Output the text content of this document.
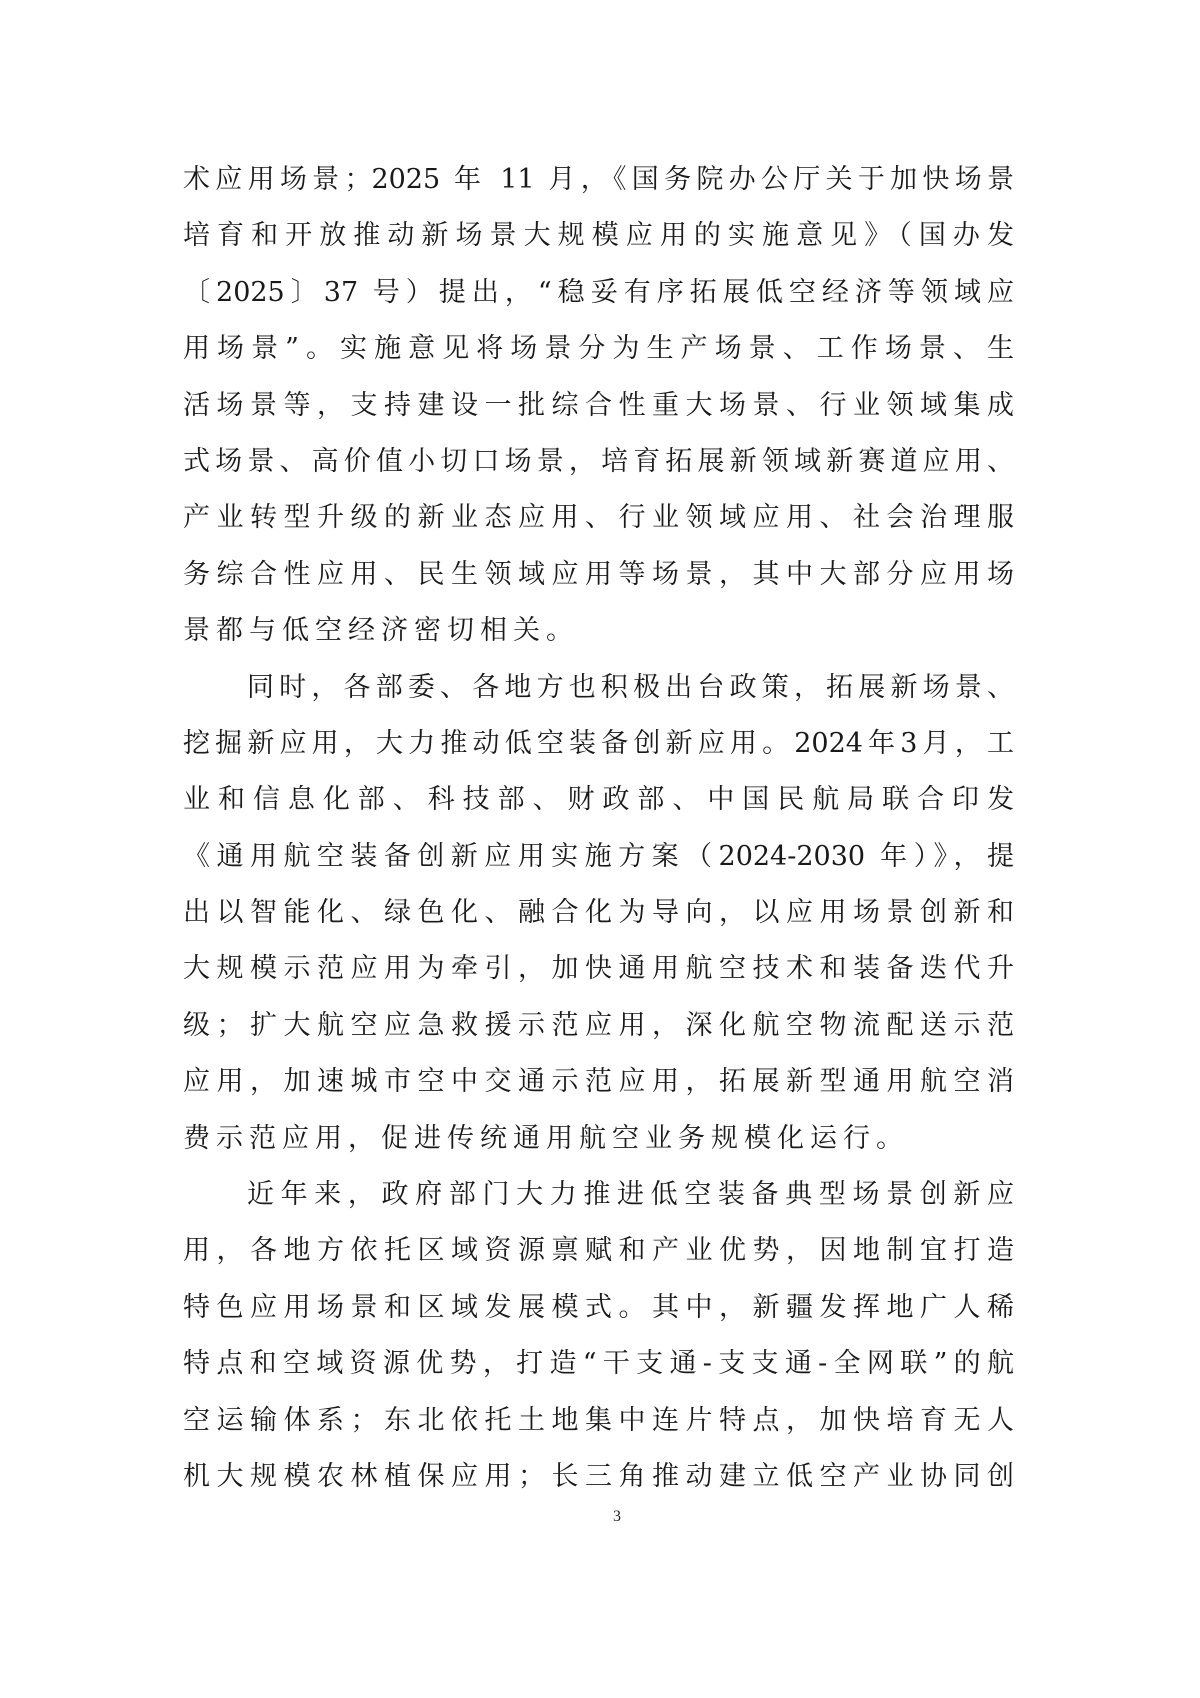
术应用场景；2025 年 11 月，《国务院办公厅关于加快场景
培育和开放推动新场景大规模应用的实施意见》（国办发
〔2025〕37 号）提出，“稳妥有序拓展低空经济等领域应
用场景”。实施意见将场景分为生产场景、工作场景、生
活场景等，支持建设一批综合性重大场景、行业领域集成
式场景、高价值小切口场景，培育拓展新领域新赛道应用、
产业转型升级的新业态应用、行业领域应用、社会治理服
务综合性应用、民生领域应用等场景，其中大部分应用场
景都与低空经济密切相关。
同时，各部委、各地方也积极出台政策，拓展新场景、
挖掘新应用，大力推动低空装备创新应用。2024年3月，工
业和信息化部、科技部、财政部、中国民航局联合印发
《通用航空装备创新应用实施方案（2024-2030 年）》，提
出以智能化、绿色化、融合化为导向，以应用场景创新和
大规模示范应用为牵引，加快通用航空技术和装备迭代升
级；扩大航空应急救援示范应用，深化航空物流配送示范
应用，加速城市空中交通示范应用，拓展新型通用航空消
费示范应用，促进传统通用航空业务规模化运行。
近年来，政府部门大力推进低空装备典型场景创新应
用，各地方依托区域资源禀赋和产业优势，因地制宜打造
特色应用场景和区域发展模式。其中，新疆发挥地广人稀
特点和空域资源优势，打造“干支通-支支通-全网联”的航
空运输体系；东北依托土地集中连片特点，加快培育无人
机大规模农林植保应用；长三角推动建立低空产业协同创
3
